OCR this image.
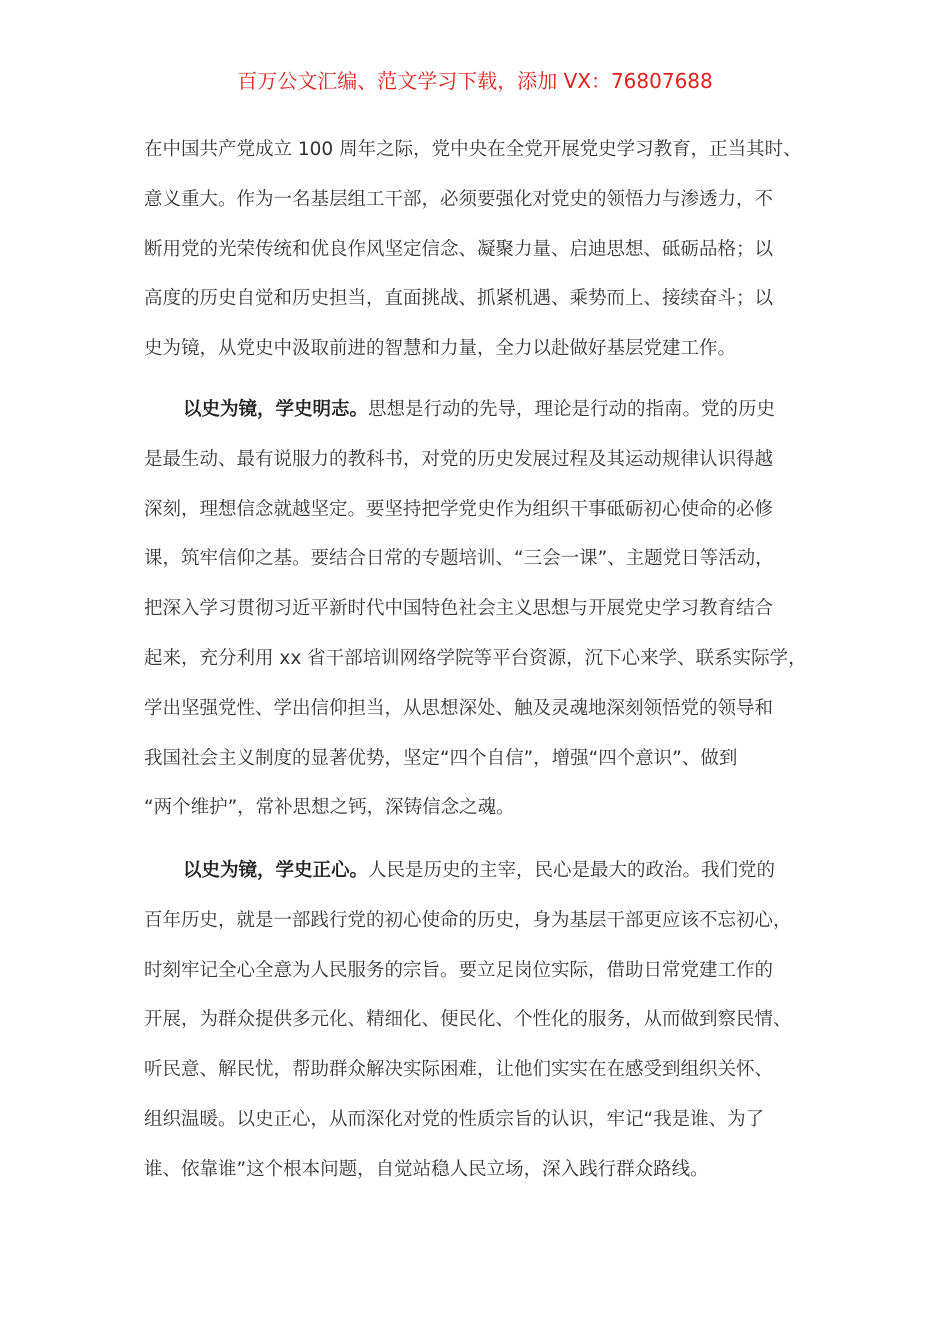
百万公文汇编、范文学习下载，添加 VX：76807688
在中国共产党成立 100 周年之际，党中央在全党开展党史学习教育，正当其时、
意义重大。作为一名基层组工干部，必须要强化对党史的领悟力与渗透力，不
断用党的光荣传统和优良作风坚定信念、凝聚力量、启迪思想、砥砺品格；以
高度的历史自觉和历史担当，直面挑战、抓紧机遇、乘势而上、接续奋斗；以
史为镜，从党史中汲取前进的智慧和力量，全力以赴做好基层党建工作。
以史为镜，学史明志。思想是行动的先导，理论是行动的指南。党的历史
是最生动、最有说服力的教科书，对党的历史发展过程及其运动规律认识得越
深刻，理想信念就越坚定。要坚持把学党史作为组织干事砥砺初心使命的必修
课，筑牢信仰之基。要结合日常的专题培训、“三会一课”、主题党日等活动，
把深入学习贯彻习近平新时代中国特色社会主义思想与开展党史学习教育结合
起来，充分利用 xx 省干部培训网络学院等平台资源，沉下心来学、联系实际学，
学出坚强党性、学出信仰担当，从思想深处、触及灵魂地深刻领悟党的领导和
我国社会主义制度的显著优势，坚定“四个自信”，增强“四个意识”、做到
“两个维护”，常补思想之钙，深铸信念之魂。
以史为镜，学史正心。人民是历史的主宰，民心是最大的政治。我们党的
百年历史，就是一部践行党的初心使命的历史，身为基层干部更应该不忘初心，
时刻牢记全心全意为人民服务的宗旨。要立足岗位实际，借助日常党建工作的
开展，为群众提供多元化、精细化、便民化、个性化的服务，从而做到察民情、
听民意、解民忧，帮助群众解决实际困难，让他们实实在在感受到组织关怀、
组织温暖。以史正心，从而深化对党的性质宗旨的认识，牢记“我是谁、为了
谁、依靠谁”这个根本问题，自觉站稳人民立场，深入践行群众路线。
